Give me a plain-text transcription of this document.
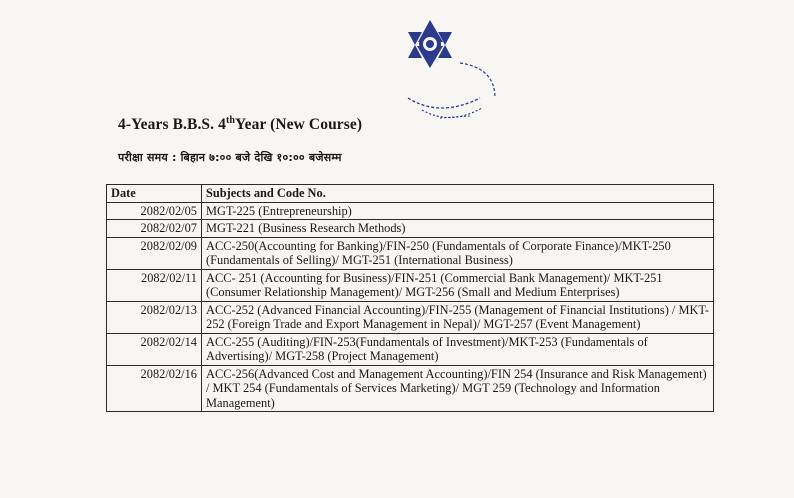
4-Years B.B.S. 4thYear (New Course)
परीक्षा समय : बिहान ७:०० बजे देखि १०:०० बजेसम्म
Date	Subjects and Code No.
2082/02/05	MGT-225 (Entrepreneurship)
2082/02/07	MGT-221 (Business Research Methods)
2082/02/09	ACC-250(Accounting for Banking)/FIN-250 (Fundamentals of Corporate Finance)/MKT-250 (Fundamentals of Selling)/ MGT-251 (International Business)
2082/02/11	ACC- 251 (Accounting for Business)/FIN-251 (Commercial Bank Management)/ MKT-251 (Consumer Relationship Management)/ MGT-256 (Small and Medium Enterprises)
2082/02/13	ACC-252 (Advanced Financial Accounting)/FIN-255 (Management of Financial Institutions) / MKT-252 (Foreign Trade and Export Management in Nepal)/ MGT-257 (Event Management)
2082/02/14	ACC-255 (Auditing)/FIN-253(Fundamentals of Investment)/MKT-253 (Fundamentals of Advertising)/ MGT-258 (Project Management)
2082/02/16	ACC-256(Advanced Cost and Management Accounting)/FIN 254 (Insurance and Risk Management) / MKT 254 (Fundamentals of Services Marketing)/ MGT 259 (Technology and Information Management)
